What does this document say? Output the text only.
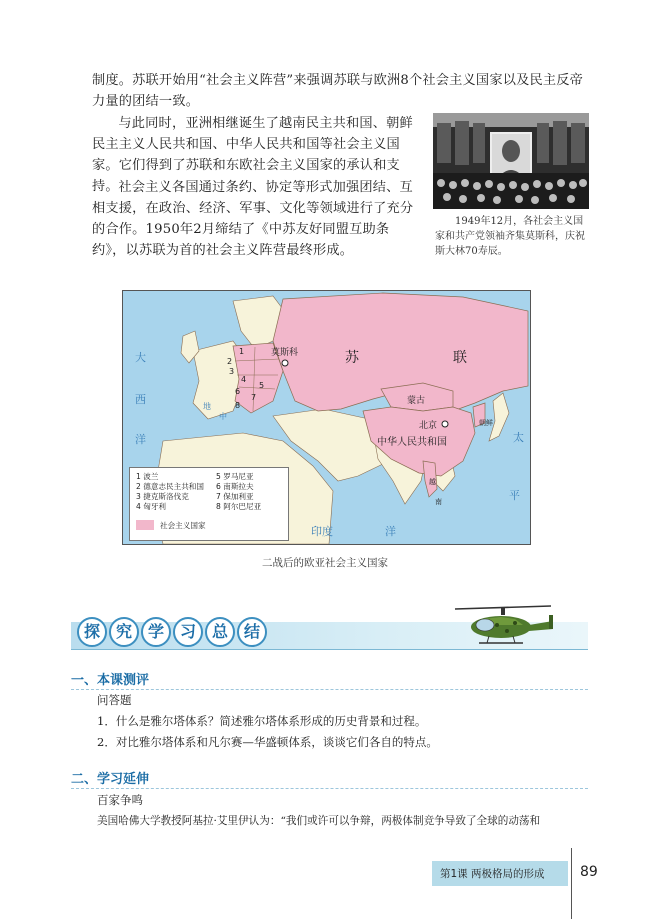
制度。苏联开始用“社会主义阵营”来强调苏联与欧洲8个社会主义国家以及民主反帝力量的团结一致。
与此同时，亚洲相继诞生了越南民主共和国、朝鲜民主主义人民共和国、中华人民共和国等社会主义国家。它们得到了苏联和东欧社会主义国家的承认和支持。 社会主义各国通过条约、协定等形式加强团结、互相支援，在政治、经济、军事、文化等领域进行了充分的合作。1950年2月缔结了《中苏友好同盟互助条约》，以苏联为首的社会主义阵营最终形成。
1949年12月，各社会主义国家和共产党领袖齐集莫斯科，庆祝斯大林70寿辰。
莫斯科	苏	联
蒙古
北京	朝鲜
中华人民共和国
越
南
大
西
洋	太
平
印度	洋
地
中
1
2
3
4
5
6
7
8
1 波兰
2 德意志民主共和国
3 捷克斯洛伐克
4 匈牙利
5 罗马尼亚
6 南斯拉夫
7 保加利亚
8 阿尔巴尼亚
社会主义国家
二战后的欧亚社会主义国家
探 究 学 习 总 结
一、本课测评
问答题
1．什么是雅尔塔体系？简述雅尔塔体系形成的历史背景和过程。
2．对比雅尔塔体系和凡尔赛—华盛顿体系，谈谈它们各自的特点。
二、学习延伸
百家争鸣
美国哈佛大学教授阿基拉·艾里伊认为：“我们或许可以争辩，两极体制竞争导致了全球的动荡和
第1课 两极格局的形成	89
